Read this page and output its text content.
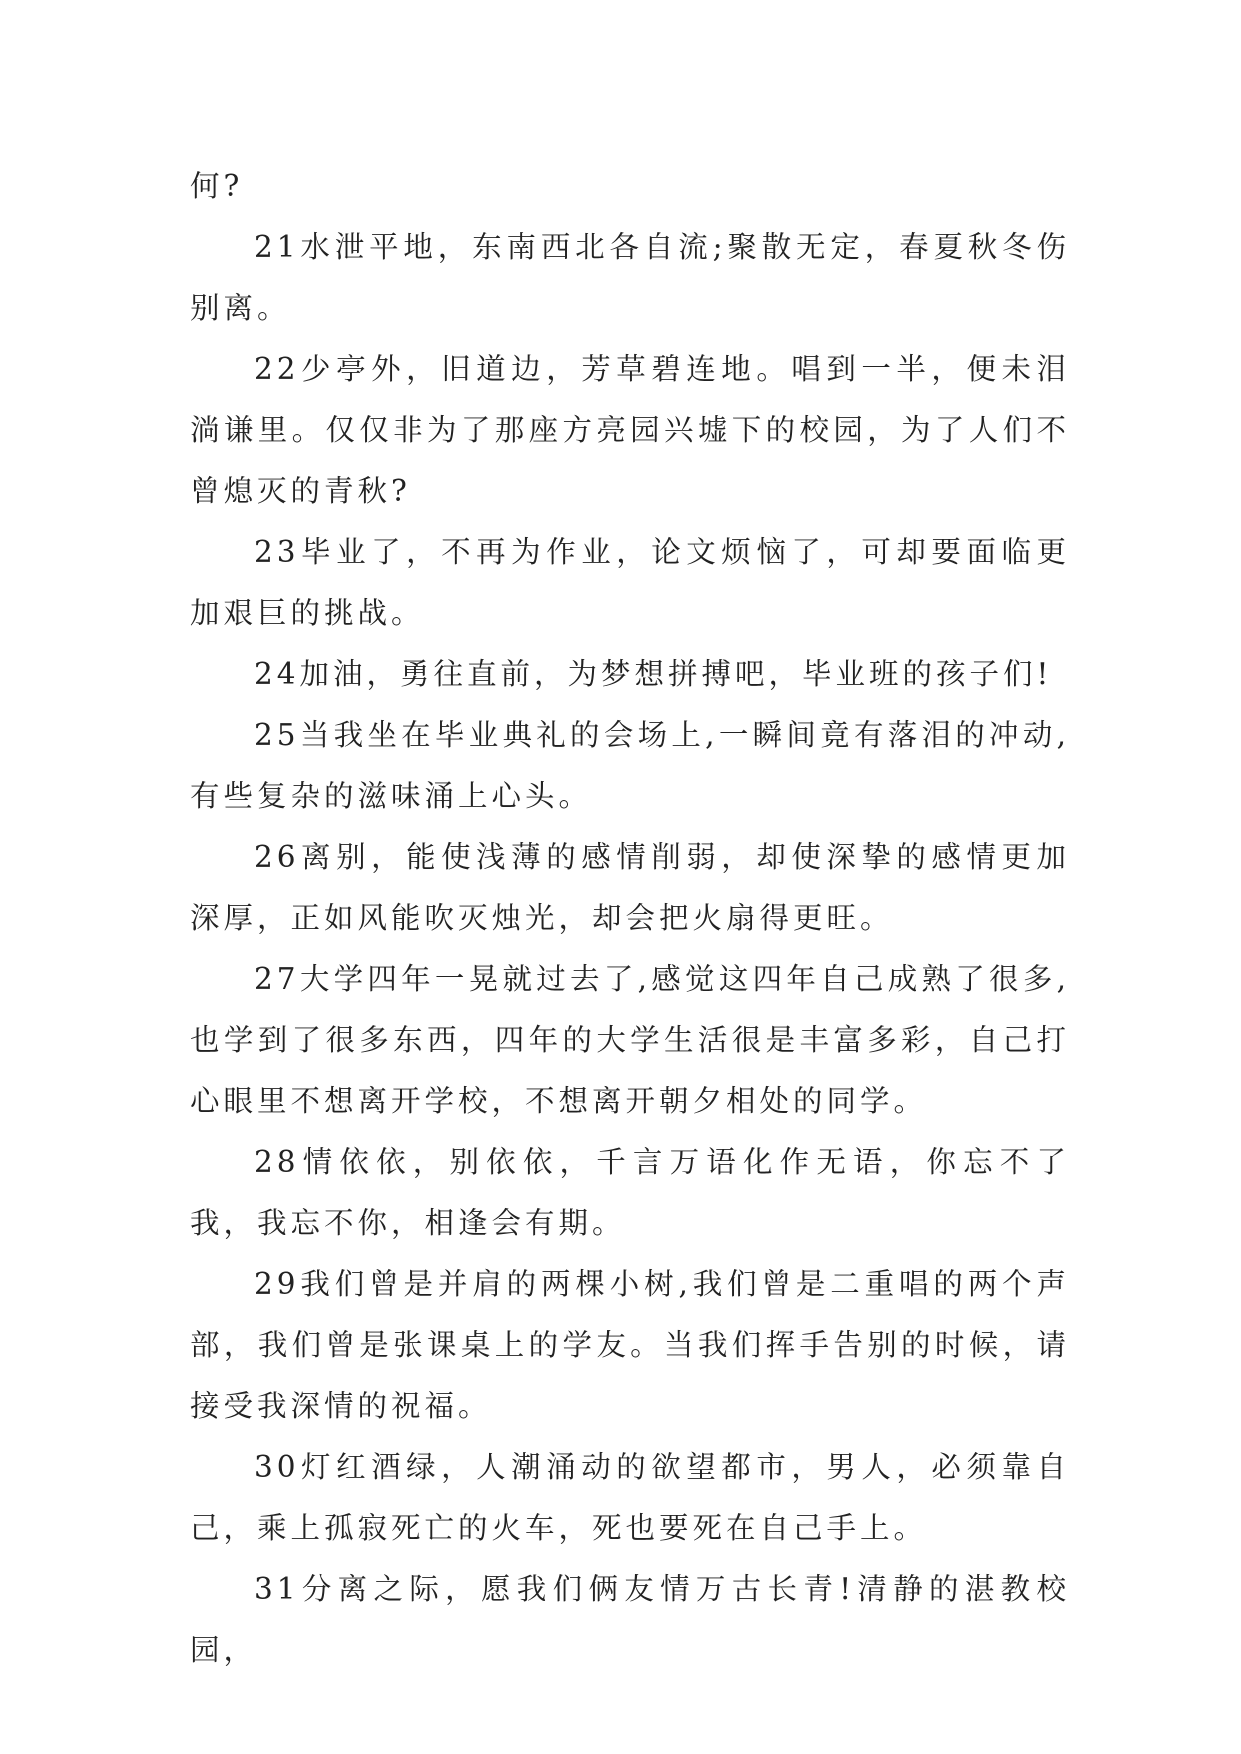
何?

21水泄平地，东南西北各自流;聚散无定，春夏秋冬伤别离。

22少亭外，旧道边，芳草碧连地。唱到一半，便未泪淌谦里。仅仅非为了那座方亮园兴墟下的校园，为了人们不曾熄灭的青秋?

23毕业了，不再为作业，论文烦恼了，可却要面临更加艰巨的挑战。

24加油，勇往直前，为梦想拼搏吧，毕业班的孩子们!

25当我坐在毕业典礼的会场上,一瞬间竟有落泪的冲动,有些复杂的滋味涌上心头。

26离别，能使浅薄的感情削弱，却使深挚的感情更加深厚，正如风能吹灭烛光，却会把火扇得更旺。

27大学四年一晃就过去了,感觉这四年自己成熟了很多,也学到了很多东西，四年的大学生活很是丰富多彩，自己打心眼里不想离开学校，不想离开朝夕相处的同学。

28情依依，别依依，千言万语化作无语，你忘不了我，我忘不你，相逢会有期。

29我们曾是并肩的两棵小树,我们曾是二重唱的两个声部，我们曾是张课桌上的学友。当我们挥手告别的时候，请接受我深情的祝福。

30灯红酒绿，人潮涌动的欲望都市，男人，必须靠自己，乘上孤寂死亡的火车，死也要死在自己手上。

31分离之际，愿我们俩友情万古长青!清静的湛教校园，
